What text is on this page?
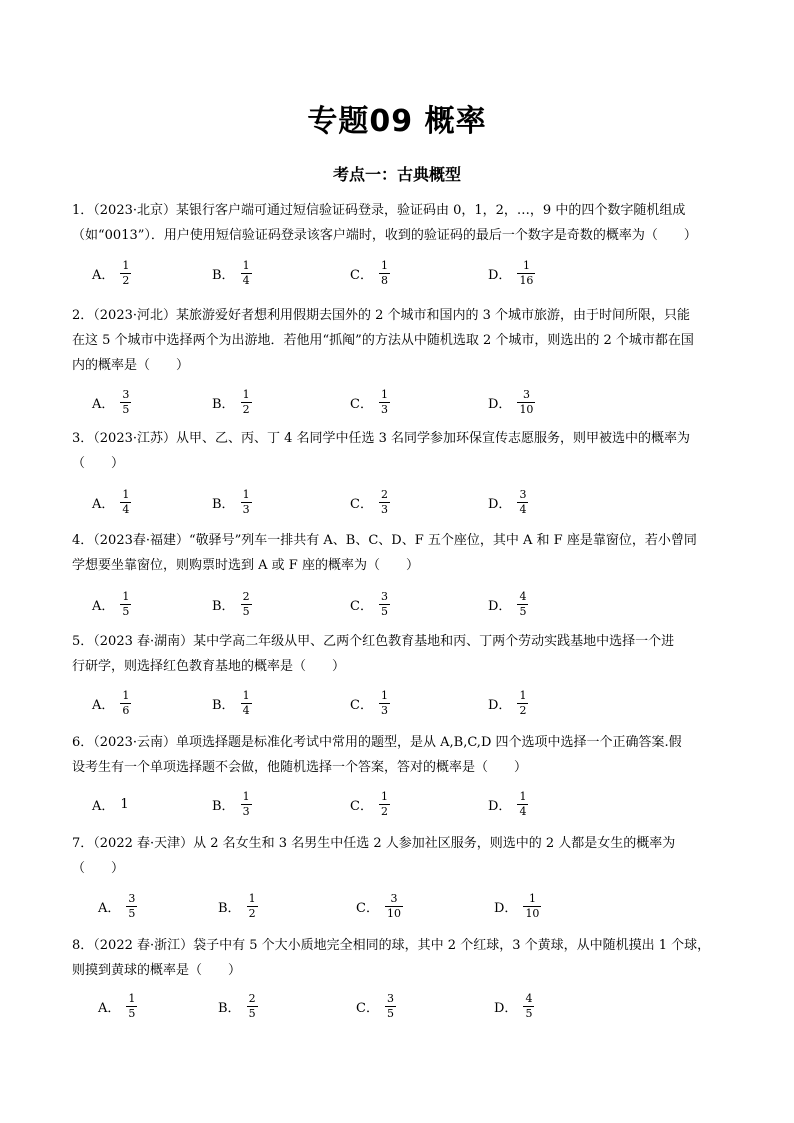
专题09 概率
考点一：古典概型
1．（2023·北京）某银行客户端可通过短信验证码登录，验证码由 0，1，2，…，9 中的四个数字随机组成
（如“0013”）．用户使用短信验证码登录该客户端时，收到的验证码的最后一个数字是奇数的概率为（　　）
A． $\frac{1}{2}$	B． $\frac{1}{4}$	C． $\frac{1}{8}$	D． $\frac{1}{16}$
2．（2023·河北）某旅游爱好者想利用假期去国外的 2 个城市和国内的 3 个城市旅游，由于时间所限，只能
在这 5 个城市中选择两个为出游地．若他用“抓阄”的方法从中随机选取 2 个城市，则选出的 2 个城市都在国
内的概率是（　　）
A． $\frac{3}{5}$	B． $\frac{1}{2}$	C． $\frac{1}{3}$	D． $\frac{3}{10}$
3．（2023·江苏）从甲、乙、丙、丁 4 名同学中任选 3 名同学参加环保宣传志愿服务，则甲被选中的概率为
（　　）
A． $\frac{1}{4}$	B． $\frac{1}{3}$	C． $\frac{2}{3}$	D． $\frac{3}{4}$
4．（2023春·福建）“敬驿号”列车一排共有 A、B、C、D、F 五个座位，其中 A 和 F 座是靠窗位，若小曾同
学想要坐靠窗位，则购票时选到 A 或 F 座的概率为（　　）
A． $\frac{1}{5}$	B． $\frac{2}{5}$	C． $\frac{3}{5}$	D． $\frac{4}{5}$
5．（2023 春·湖南）某中学高二年级从甲、乙两个红色教育基地和丙、丁两个劳动实践基地中选择一个进
行研学，则选择红色教育基地的概率是（　　）
A． $\frac{1}{6}$	B． $\frac{1}{4}$	C． $\frac{1}{3}$	D． $\frac{1}{2}$
6．（2023·云南）单项选择题是标准化考试中常用的题型，是从 A,B,C,D 四个选项中选择一个正确答案.假
设考生有一个单项选择题不会做，他随机选择一个答案，答对的概率是（　　）
A． 1	B． $\frac{1}{3}$	C． $\frac{1}{2}$	D． $\frac{1}{4}$
7．（2022 春·天津）从 2 名女生和 3 名男生中任选 2 人参加社区服务，则选中的 2 人都是女生的概率为
（　　）
A． $\frac{3}{5}$	B． $\frac{1}{2}$	C． $\frac{3}{10}$	D． $\frac{1}{10}$
8．（2022 春·浙江）袋子中有 5 个大小质地完全相同的球，其中 2 个红球，3 个黄球，从中随机摸出 1 个球，
则摸到黄球的概率是（　　）
A． $\frac{1}{5}$	B． $\frac{2}{5}$	C． $\frac{3}{5}$	D． $\frac{4}{5}$
